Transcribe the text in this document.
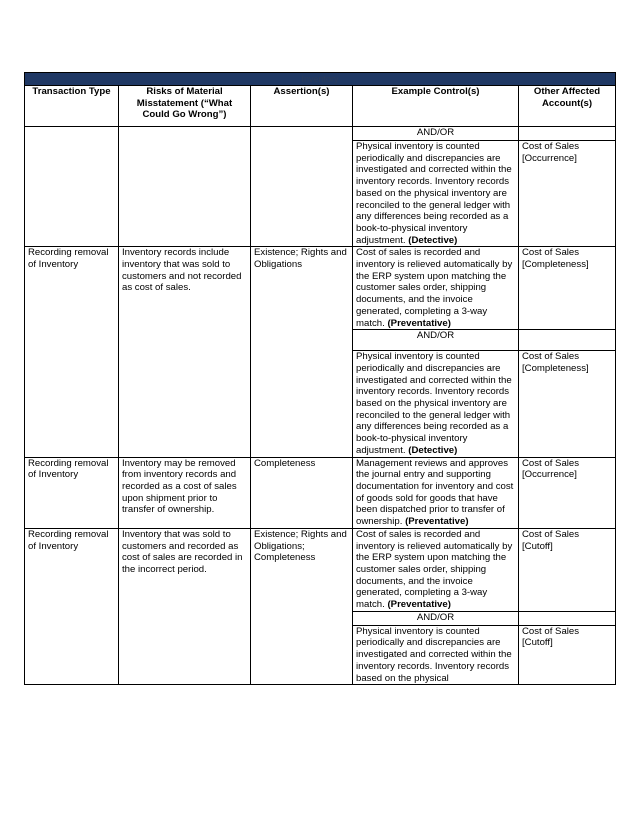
Inventory				
Transaction Type	Risks of Material Misstatement (“What Could Go Wrong”)	Assertion(s)	Example Control(s)	Other Affected Account(s)
			AND/OR	
			Physical inventory is counted periodically and discrepancies are investigated and corrected within the inventory records. Inventory records based on the physical inventory are reconciled to the general ledger with any differences being recorded as a book-to-physical inventory adjustment. (Detective)	Cost of Sales [Occurrence]
Recording removal of Inventory	Inventory records include inventory that was sold to customers and not recorded as cost of sales.	Existence; Rights and Obligations	Cost of sales is recorded and inventory is relieved automatically by the ERP system upon matching the customer sales order, shipping documents, and the invoice generated, completing a 3-way match. (Preventative)	Cost of Sales [Completeness]
			AND/OR	
			Physical inventory is counted periodically and discrepancies are investigated and corrected within the inventory records. Inventory records based on the physical inventory are reconciled to the general ledger with any differences being recorded as a book-to-physical inventory adjustment. (Detective)	Cost of Sales [Completeness]
Recording removal of Inventory	Inventory may be removed from inventory records and recorded as a cost of sales upon shipment prior to transfer of ownership.	Completeness	Management reviews and approves the journal entry and supporting documentation for inventory and cost of goods sold for goods that have been dispatched prior to transfer of ownership. (Preventative)	Cost of Sales [Occurrence]
Recording removal of Inventory	Inventory that was sold to customers and recorded as cost of sales are recorded in the incorrect period.	Existence; Rights and Obligations; Completeness	Cost of sales is recorded and inventory is relieved automatically by the ERP system upon matching the customer sales order, shipping documents, and the invoice generated, completing a 3-way match. (Preventative)	Cost of Sales [Cutoff]
			AND/OR	
			Physical inventory is counted periodically and discrepancies are investigated and corrected within the inventory records. Inventory records based on the physical	Cost of Sales [Cutoff]
